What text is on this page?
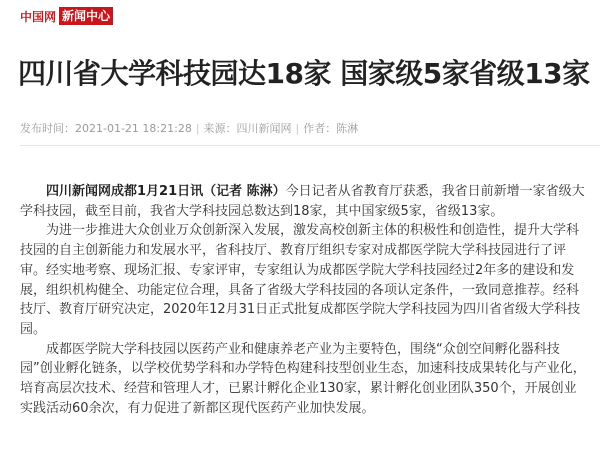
中国网 新闻中心
四川省大学科技园达18家 国家级5家省级13家
发布时间：2021-01-21 18:21:28 | 来源：四川新闻网 | 作者：陈淋

四川新闻网成都1月21日讯（记者 陈淋）今日记者从省教育厅获悉，我省日前新增一家省级大学科技园，截至目前，我省大学科技园总数达到18家，其中国家级5家，省级13家。

为进一步推进大众创业万众创新深入发展，激发高校创新主体的积极性和创造性，提升大学科技园的自主创新能力和发展水平，省科技厅、教育厅组织专家对成都医学院大学科技园进行了评审。经实地考察、现场汇报、专家评审，专家组认为成都医学院大学科技园经过2年多的建设和发展，组织机构健全、功能定位合理，具备了省级大学科技园的各项认定条件，一致同意推荐。经科技厅、教育厅研究决定，2020年12月31日正式批复成都医学院大学科技园为四川省省级大学科技园。

成都医学院大学科技园以医药产业和健康养老产业为主要特色，围绕“众创空间孵化器科技园”创业孵化链条，以学校优势学科和办学特色构建科技型创业生态，加速科技成果转化与产业化，培育高层次技术、经营和管理人才，已累计孵化企业130家，累计孵化创业团队350个，开展创业实践活动60余次，有力促进了新都区现代医药产业加快发展。
